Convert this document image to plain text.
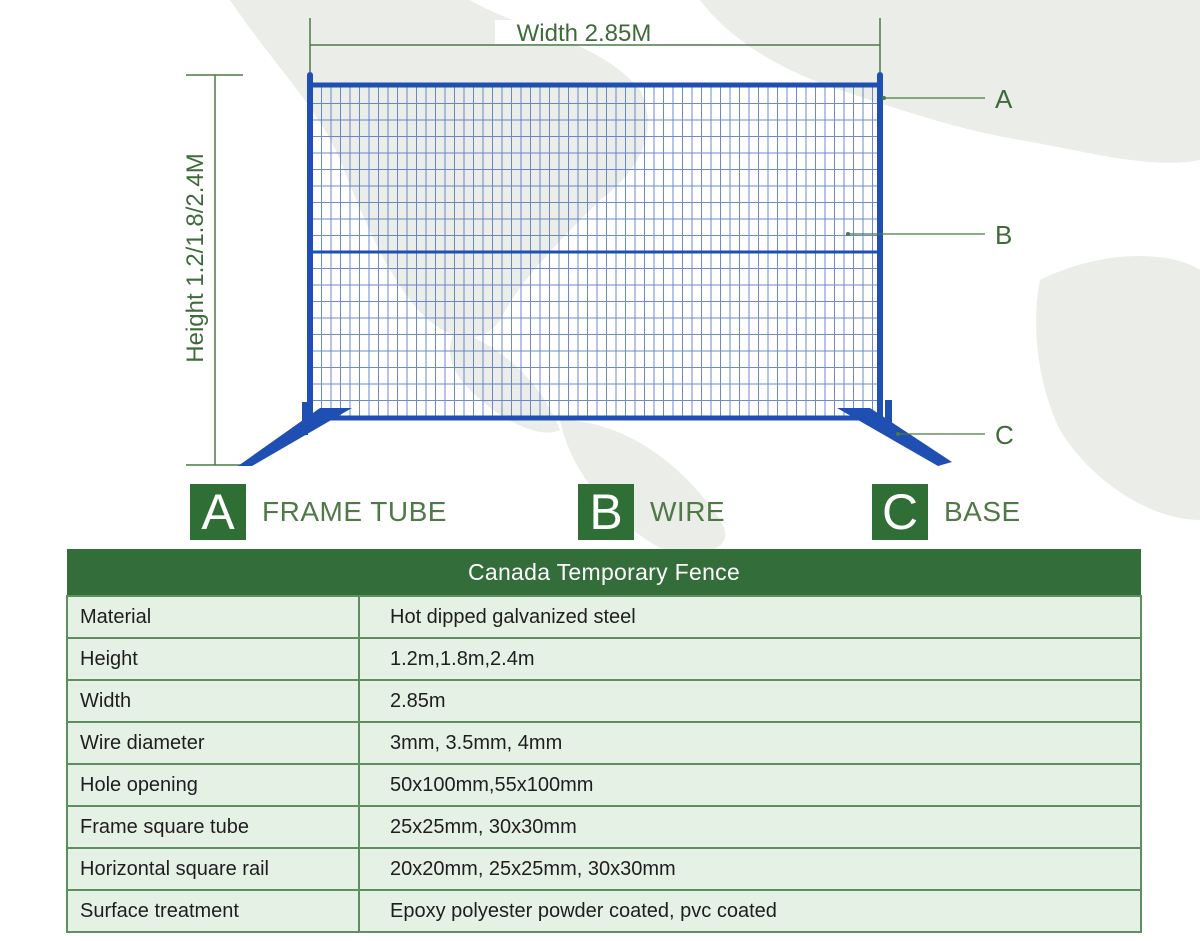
Width 2.85M
Height 1.2/1.8/2.4M
A
B
C
A FRAME TUBE	B WIRE	C BASE
Canada Temporary Fence	
Material	Hot dipped galvanized steel
Height	1.2m,1.8m,2.4m
Width	2.85m
Wire diameter	3mm, 3.5mm, 4mm
Hole opening	50x100mm,55x100mm
Frame square tube	25x25mm, 30x30mm
Horizontal square rail	20x20mm, 25x25mm, 30x30mm
Surface treatment	Epoxy polyester powder coated, pvc coated
